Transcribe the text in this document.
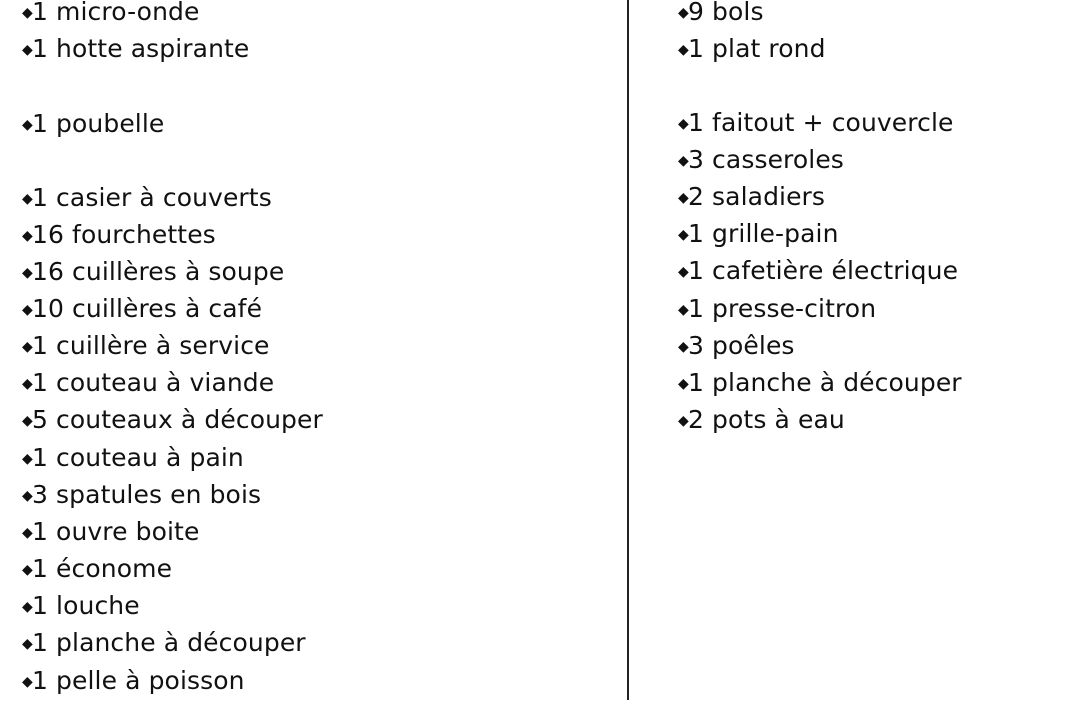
◆1 micro-onde
◆1 hotte aspirante
◆1 poubelle
◆1 casier à couverts
◆16 fourchettes
◆16 cuillères à soupe
◆10 cuillères à café
◆1 cuillère à service
◆1 couteau à viande
◆5 couteaux à découper
◆1 couteau à pain
◆3 spatules en bois
◆1 ouvre boite
◆1 économe
◆1 louche
◆1 planche à découper
◆1 pelle à poisson
◆9 bols
◆1 plat rond
◆1 faitout + couvercle
◆3 casseroles
◆2 saladiers
◆1 grille-pain
◆1 cafetière électrique
◆1 presse-citron
◆3 poêles
◆1 planche à découper
◆2 pots à eau
